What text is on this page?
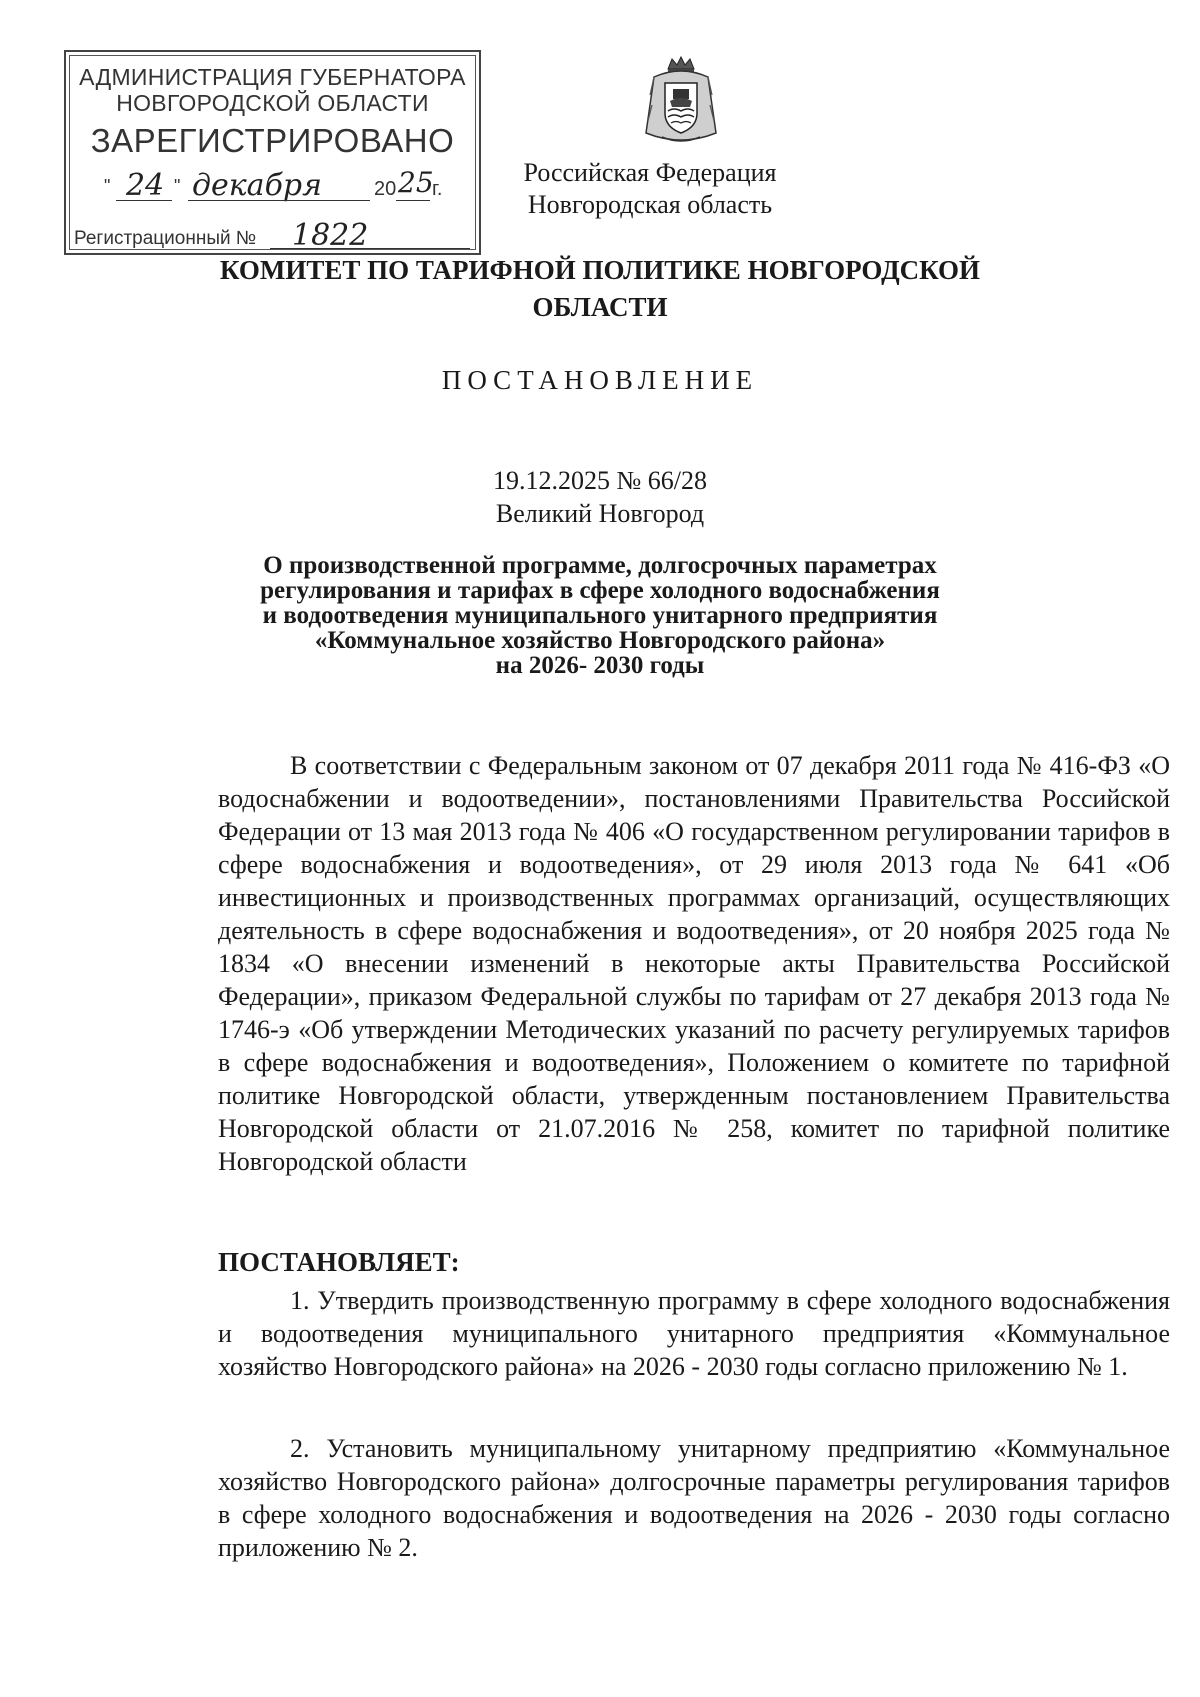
АДМИНИСТРАЦИЯ ГУБЕРНАТОРА
НОВГОРОДСКОЙ ОБЛАСТИ
ЗАРЕГИСТРИРОВАНО
" 24 " декабря	20 25
г.
Регистрационный № 1822
Российская Федерация
Новгородская область
КОМИТЕТ ПО ТАРИФНОЙ ПОЛИТИКЕ НОВГОРОДСКОЙ
ОБЛАСТИ
ПОСТАНОВЛЕНИЕ
19.12.2025 № 66/28
Великий Новгород
О производственной программе, долгосрочных параметрах
регулирования и тарифах в сфере холодного водоснабжения
и водоотведения муниципального унитарного предприятия
«Коммунальное хозяйство Новгородского района»
на 2026- 2030 годы

В соответствии с Федеральным законом от 07 декабря 2011 года № 416-ФЗ «О водоснабжении и водоотведении», постановлениями Правительства Российской Федерации от 13 мая 2013 года № 406 «О государственном регулировании тарифов в сфере водоснабжения и водоотведения», от 29 июля 2013 года № 641 «Об инвестиционных и производственных программах организаций, осуществляющих деятельность в сфере водоснабжения и водоотведения», от 20 ноября 2025 года № 1834 «О внесении изменений в некоторые акты Правительства Российской Федерации», приказом Федеральной службы по тарифам от 27 декабря 2013 года № 1746-э «Об утверждении Методических указаний по расчету регулируемых тарифов в сфере водоснабжения и водоотведения», Положением о комитете по тарифной политике Новгородской области, утвержденным постановлением Правительства Новгородской области от 21.07.2016 № 258, комитет по тарифной политике Новгородской области

ПОСТАНОВЛЯЕТ:

1. Утвердить производственную программу в сфере холодного водоснабжения и водоотведения муниципального унитарного предприятия «Коммунальное хозяйство Новгородского района» на 2026 - 2030 годы согласно приложению № 1.

2. Установить муниципальному унитарному предприятию «Коммунальное хозяйство Новгородского района» долгосрочные параметры регулирования тарифов в сфере холодного водоснабжения и водоотведения на 2026 - 2030 годы согласно приложению № 2.
